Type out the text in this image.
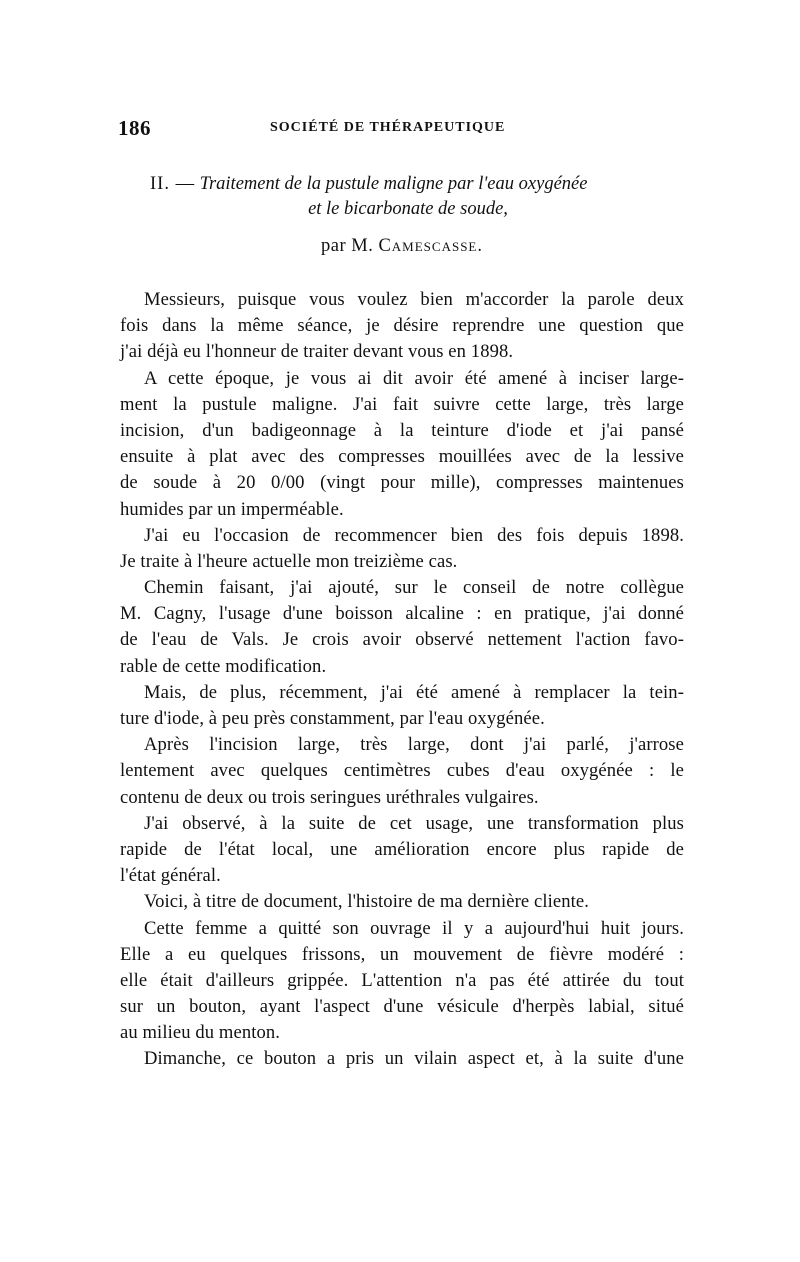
186	SOCIÉTÉ DE THÉRAPEUTIQUE
II. — Traitement de la pustule maligne par l'eau oxygénée
et le bicarbonate de soude,
par M. Camescasse.
Messieurs, puisque vous voulez bien m'accorder la parole deux
fois dans la même séance, je désire reprendre une question que
j'ai déjà eu l'honneur de traiter devant vous en 1898.
A cette époque, je vous ai dit avoir été amené à inciser large-
ment la pustule maligne. J'ai fait suivre cette large, très large
incision, d'un badigeonnage à la teinture d'iode et j'ai pansé
ensuite à plat avec des compresses mouillées avec de la lessive
de soude à 20 0/00 (vingt pour mille), compresses maintenues
humides par un imperméable.
J'ai eu l'occasion de recommencer bien des fois depuis 1898.
Je traite à l'heure actuelle mon treizième cas.
Chemin faisant, j'ai ajouté, sur le conseil de notre collègue
M. Cagny, l'usage d'une boisson alcaline : en pratique, j'ai donné
de l'eau de Vals. Je crois avoir observé nettement l'action favo-
rable de cette modification.
Mais, de plus, récemment, j'ai été amené à remplacer la tein-
ture d'iode, à peu près constamment, par l'eau oxygénée.
Après l'incision large, très large, dont j'ai parlé, j'arrose
lentement avec quelques centimètres cubes d'eau oxygénée : le
contenu de deux ou trois seringues uréthrales vulgaires.
J'ai observé, à la suite de cet usage, une transformation plus
rapide de l'état local, une amélioration encore plus rapide de
l'état général.
Voici, à titre de document, l'histoire de ma dernière cliente.
Cette femme a quitté son ouvrage il y a aujourd'hui huit jours.
Elle a eu quelques frissons, un mouvement de fièvre modéré :
elle était d'ailleurs grippée. L'attention n'a pas été attirée du tout
sur un bouton, ayant l'aspect d'une vésicule d'herpès labial, situé
au milieu du menton.
Dimanche, ce bouton a pris un vilain aspect et, à la suite d'une
